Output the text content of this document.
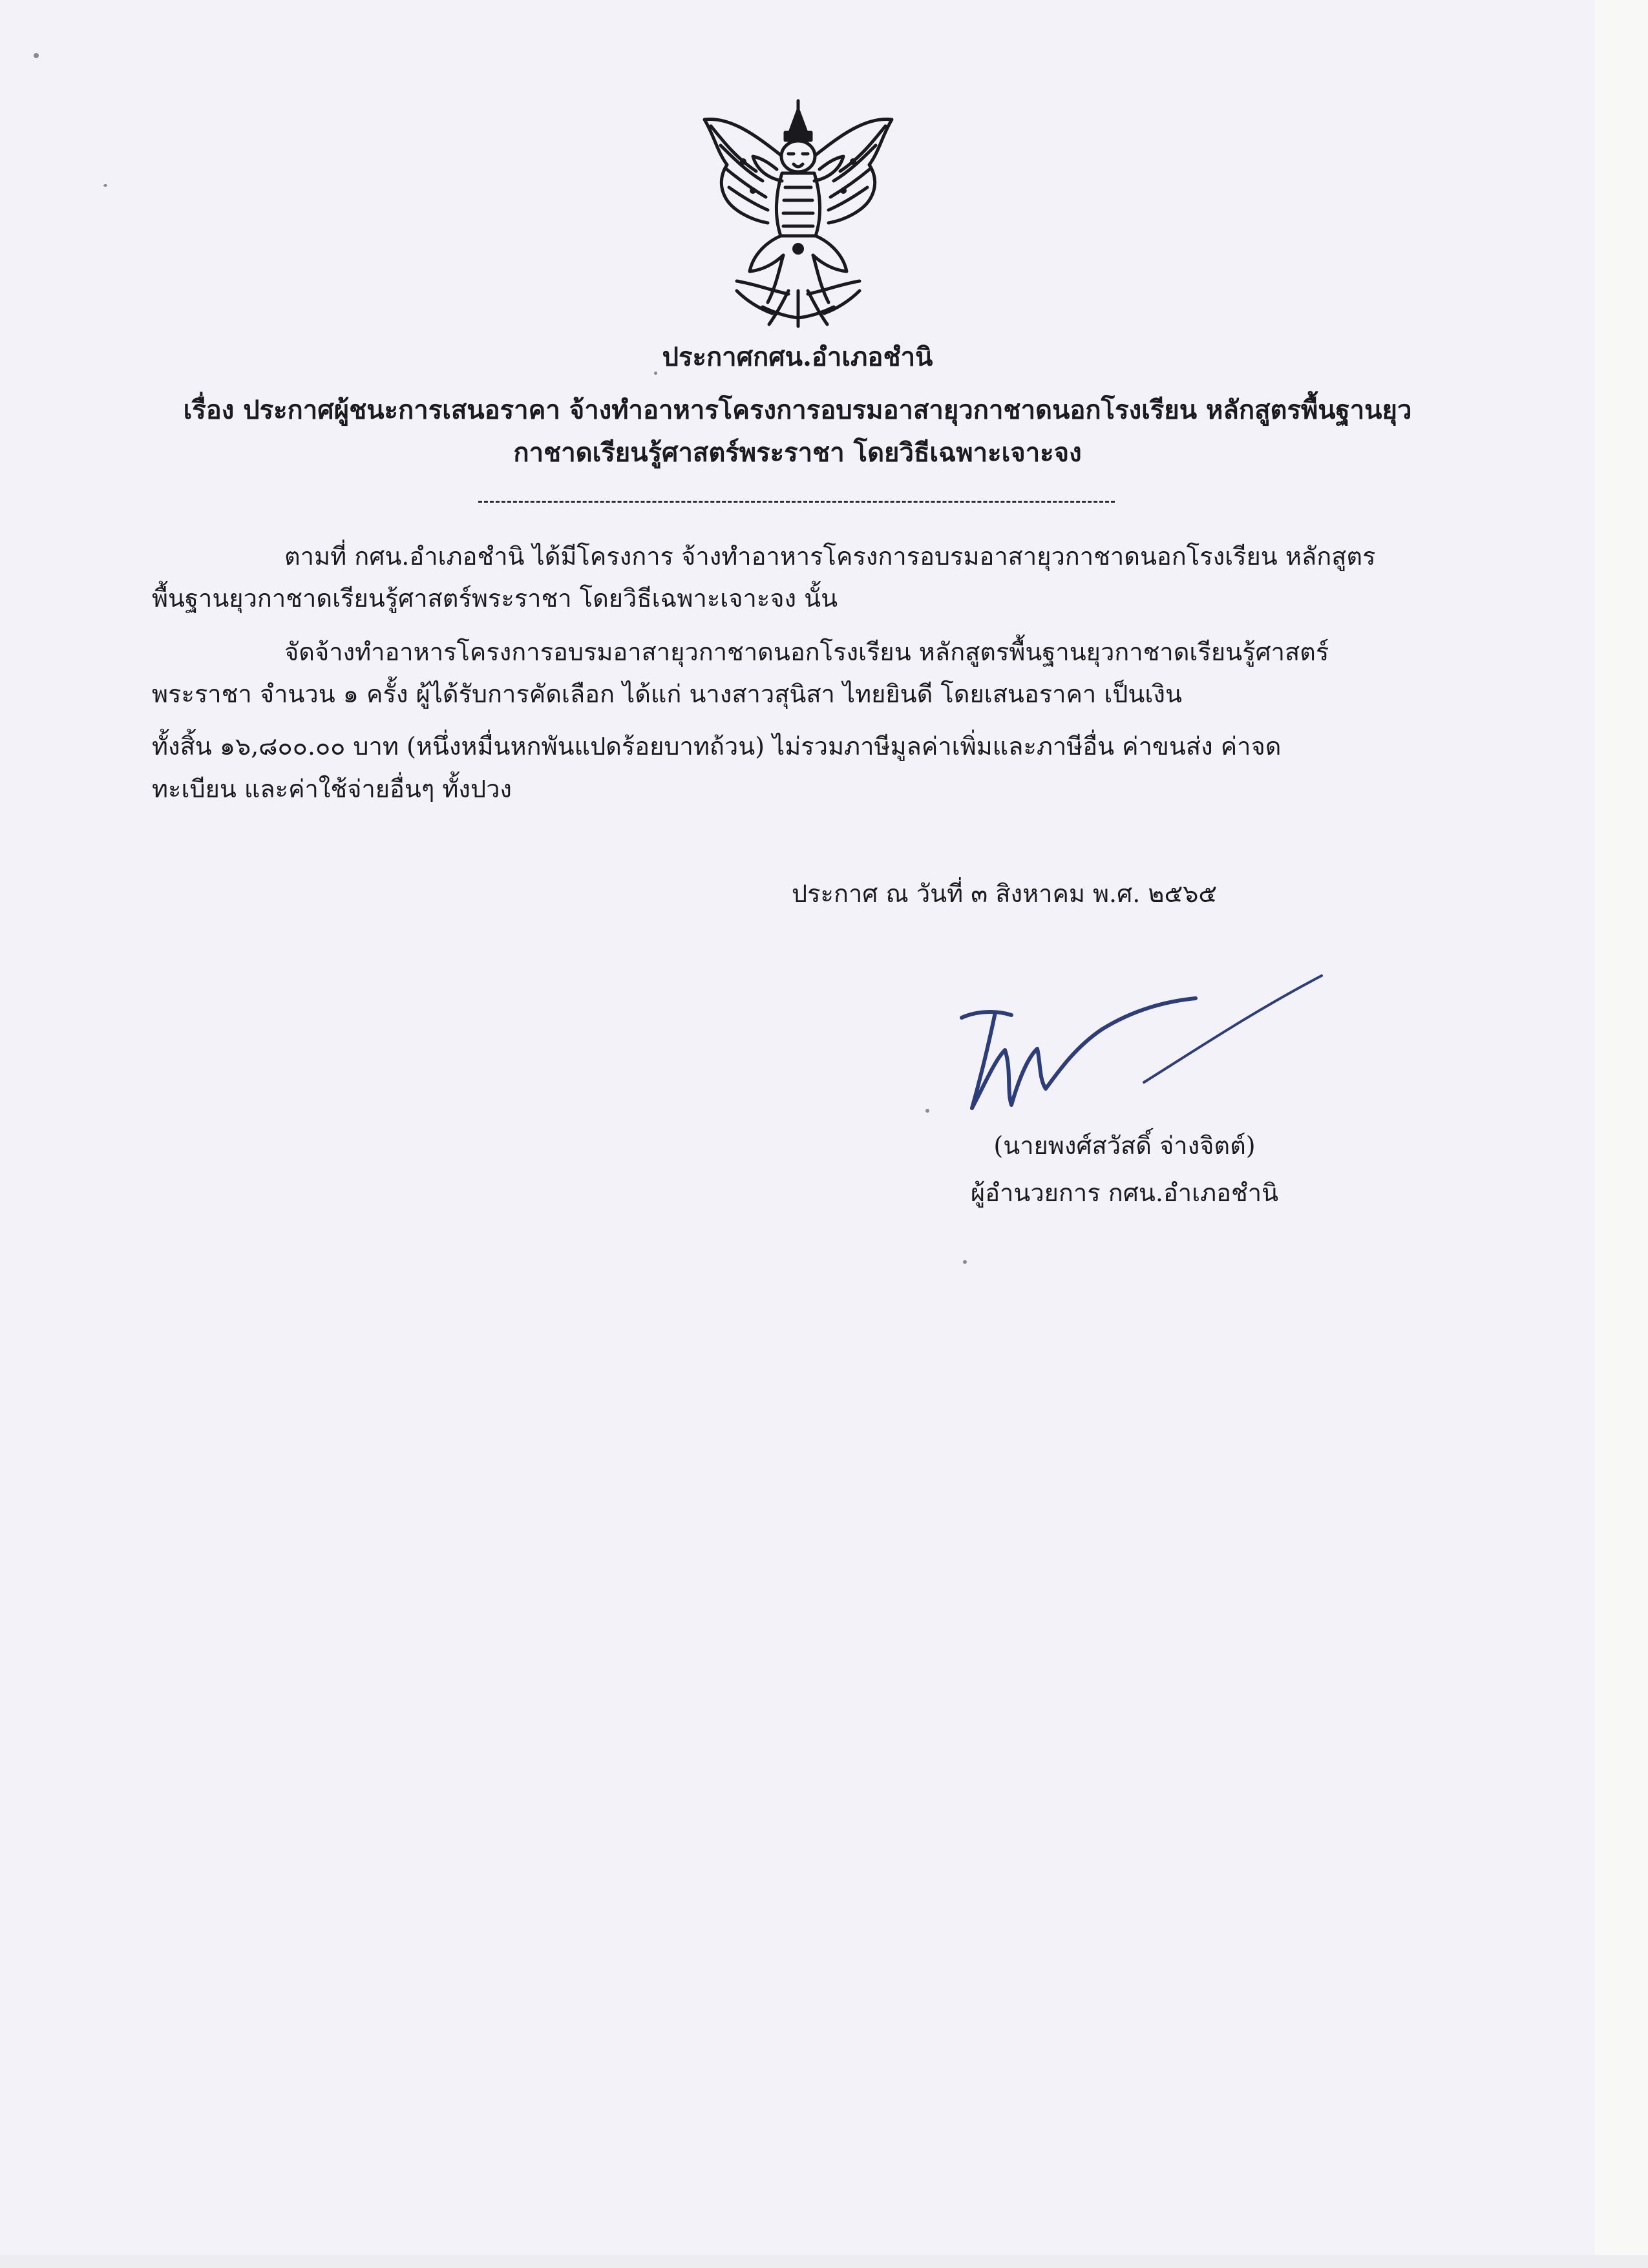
ประกาศกศน.อำเภอชำนิ
เรื่อง ประกาศผู้ชนะการเสนอราคา จ้างทำอาหารโครงการอบรมอาสายุวกาชาดนอกโรงเรียน หลักสูตรพื้นฐานยุว
กาชาดเรียนรู้ศาสตร์พระราชา โดยวิธีเฉพาะเจาะจง
ตามที่ กศน.อำเภอชำนิ ได้มีโครงการ จ้างทำอาหารโครงการอบรมอาสายุวกาชาดนอกโรงเรียน หลักสูตร
พื้นฐานยุวกาชาดเรียนรู้ศาสตร์พระราชา โดยวิธีเฉพาะเจาะจง นั้น
จัดจ้างทำอาหารโครงการอบรมอาสายุวกาชาดนอกโรงเรียน หลักสูตรพื้นฐานยุวกาชาดเรียนรู้ศาสตร์
พระราชา จำนวน ๑ ครั้ง ผู้ได้รับการคัดเลือก ได้แก่ นางสาวสุนิสา ไทยยินดี โดยเสนอราคา เป็นเงิน
ทั้งสิ้น ๑๖,๘๐๐.๐๐ บาท (หนึ่งหมื่นหกพันแปดร้อยบาทถ้วน) ไม่รวมภาษีมูลค่าเพิ่มและภาษีอื่น ค่าขนส่ง ค่าจด
ทะเบียน และค่าใช้จ่ายอื่นๆ ทั้งปวง
ประกาศ ณ วันที่ ๓ สิงหาคม พ.ศ. ๒๕๖๕
(นายพงศ์สวัสดิ์ จ่างจิตต์)
ผู้อำนวยการ กศน.อำเภอชำนิ
